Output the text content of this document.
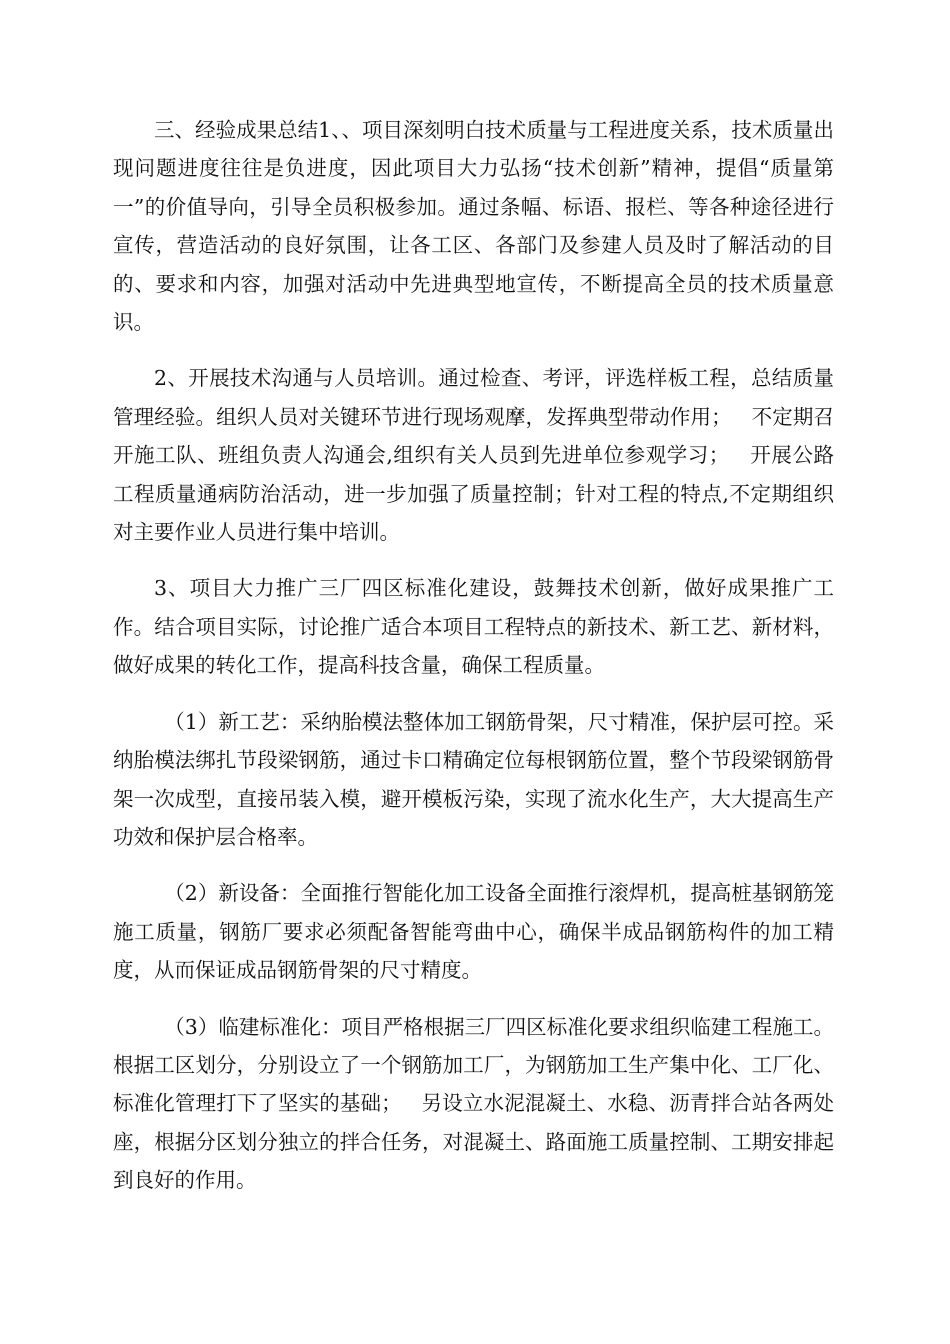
三、经验成果总结1、、项目深刻明白技术质量与工程进度关系，技术质量出现问题进度往往是负进度，因此项目大力弘扬“技术创新”精神，提倡“质量第一”的价值导向，引导全员积极参加。通过条幅、标语、报栏、等各种途径进行宣传，营造活动的良好氛围，让各工区、各部门及参建人员及时了解活动的目的、要求和内容，加强对活动中先进典型地宣传，不断提高全员的技术质量意识。

2、开展技术沟通与人员培训。通过检查、考评，评选样板工程，总结质量管理经验。组织人员对关键环节进行现场观摩，发挥典型带动作用；   不定期召开施工队、班组负责人沟通会,组织有关人员到先进单位参观学习；   开展公路工程质量通病防治活动，进一步加强了质量控制；针对工程的特点,不定期组织对主要作业人员进行集中培训。

3、项目大力推广三厂四区标准化建设，鼓舞技术创新，做好成果推广工作。结合项目实际，讨论推广适合本项目工程特点的新技术、新工艺、新材料，做好成果的转化工作，提高科技含量，确保工程质量。

（1）新工艺：采纳胎模法整体加工钢筋骨架，尺寸精准，保护层可控。采纳胎模法绑扎节段梁钢筋，通过卡口精确定位每根钢筋位置，整个节段梁钢筋骨架一次成型，直接吊装入模，避开模板污染，实现了流水化生产，大大提高生产功效和保护层合格率。

（2）新设备：全面推行智能化加工设备全面推行滚焊机，提高桩基钢筋笼施工质量，钢筋厂要求必须配备智能弯曲中心，确保半成品钢筋构件的加工精度，从而保证成品钢筋骨架的尺寸精度。

（3）临建标准化：项目严格根据三厂四区标准化要求组织临建工程施工。根据工区划分，分别设立了一个钢筋加工厂，为钢筋加工生产集中化、工厂化、标准化管理打下了坚实的基础；   另设立水泥混凝土、水稳、沥青拌合站各两处座，根据分区划分独立的拌合任务，对混凝土、路面施工质量控制、工期安排起到良好的作用。
